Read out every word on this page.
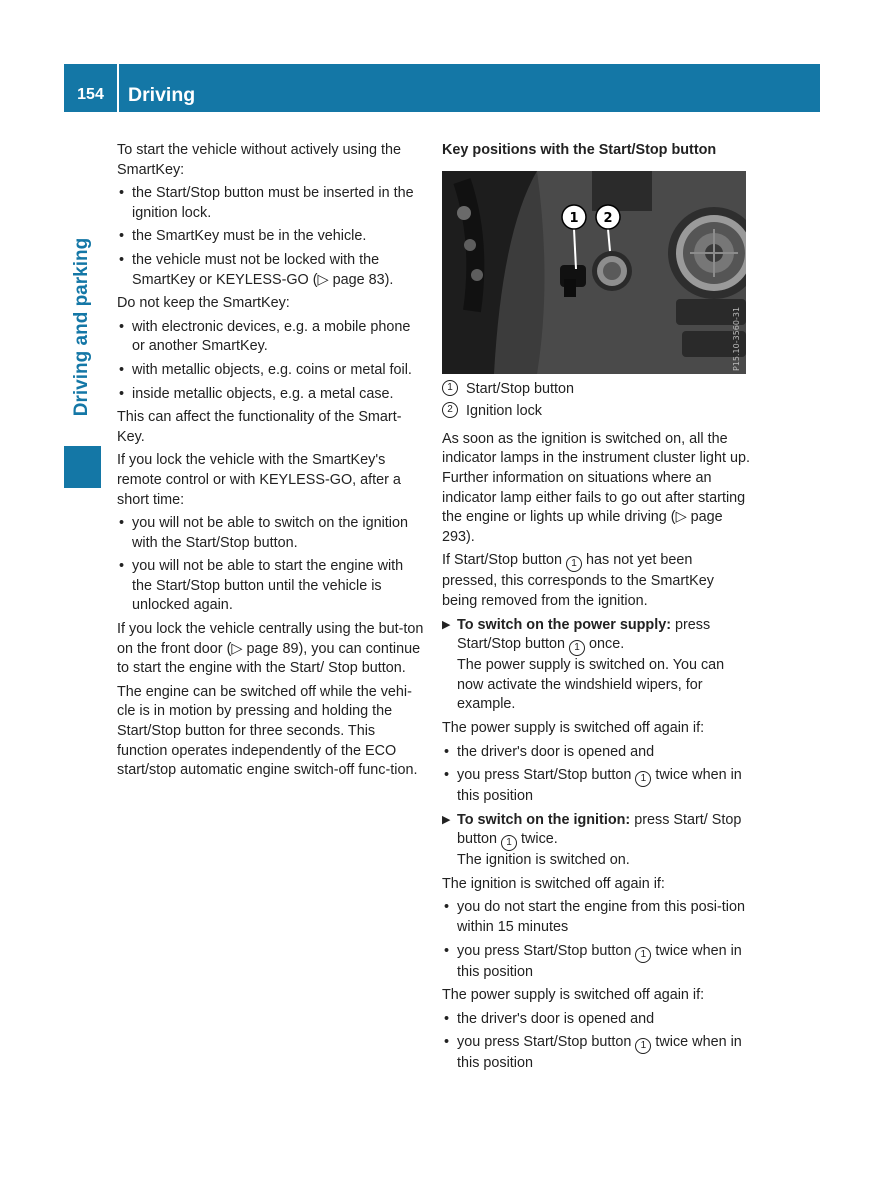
154	Driving
Driving and parking

To start the vehicle without actively using the SmartKey:

• the Start/Stop button must be inserted in the ignition lock.
• the SmartKey must be in the vehicle.
• the vehicle must not be locked with the SmartKey or KEYLESS-GO (▷ page 83).

Do not keep the SmartKey:

• with electronic devices, e.g. a mobile phone or another SmartKey.
• with metallic objects, e.g. coins or metal foil.
• inside metallic objects, e.g. a metal case.

This can affect the functionality of the Smart-Key.

If you lock the vehicle with the SmartKey's remote control or with KEYLESS-GO, after a short time:

• you will not be able to switch on the ignition with the Start/Stop button.
• you will not be able to start the engine with the Start/Stop button until the vehicle is unlocked again.

If you lock the vehicle centrally using the but-ton on the front door (▷ page 89), you can continue to start the engine with the Start/ Stop button.

The engine can be switched off while the vehi-cle is in motion by pressing and holding the Start/Stop button for three seconds. This function operates independently of the ECO start/stop automatic engine switch-off func-tion.

Key positions with the Start/Stop button
1 2
P15.10-3560-31
1 Start/Stop button
2 Ignition lock

As soon as the ignition is switched on, all the indicator lamps in the instrument cluster light up. Further information on situations where an indicator lamp either fails to go out after starting the engine or lights up while driving (▷ page 293).

If Start/Stop button 1 has not yet been pressed, this corresponds to the SmartKey being removed from the ignition.

▶ To switch on the power supply: press Start/Stop button 1 once.
The power supply is switched on. You can now activate the windshield wipers, for example.

The power supply is switched off again if:

• the driver's door is opened and
• you press Start/Stop button 1 twice when in this position
▶ To switch on the ignition: press Start/ Stop button 1 twice.
The ignition is switched on.

The ignition is switched off again if:

• you do not start the engine from this posi-tion within 15 minutes
• you press Start/Stop button 1 twice when in this position

The power supply is switched off again if:

• the driver's door is opened and
• you press Start/Stop button 1 twice when in this position
